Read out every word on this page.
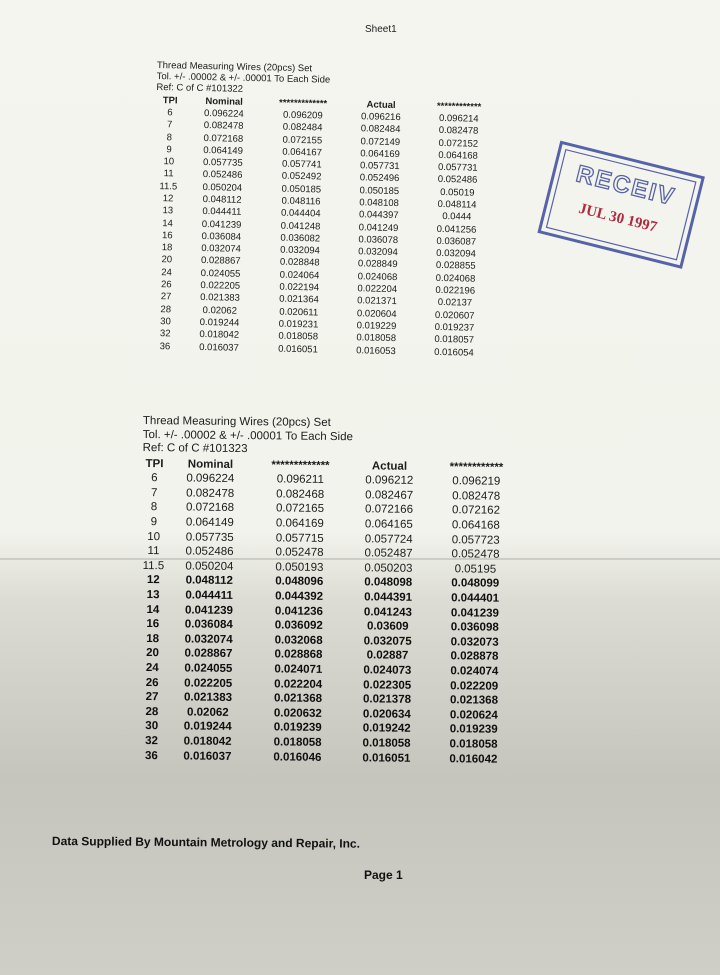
Sheet1
Thread Measuring Wires (20pcs) Set
Tol. +/- .00002 & +/- .00001 To Each Side
Ref: C of C #101322
TPI	Nominal	*************	Actual	************
6	0.096224	0.096209	0.096216	0.096214
7	0.082478	0.082484	0.082484	0.082478
8	0.072168	0.072155	0.072149	0.072152
9	0.064149	0.064167	0.064169	0.064168
10	0.057735	0.057741	0.057731	0.057731
11	0.052486	0.052492	0.052496	0.052486
11.5	0.050204	0.050185	0.050185	0.05019
12	0.048112	0.048116	0.048108	0.048114
13	0.044411	0.044404	0.044397	0.0444
14	0.041239	0.041248	0.041249	0.041256
16	0.036084	0.036082	0.036078	0.036087
18	0.032074	0.032094	0.032094	0.032094
20	0.028867	0.028848	0.028849	0.028855
24	0.024055	0.024064	0.024068	0.024068
26	0.022205	0.022194	0.022204	0.022196
27	0.021383	0.021364	0.021371	0.02137
28	0.02062	0.020611	0.020604	0.020607
30	0.019244	0.019231	0.019229	0.019237
32	0.018042	0.018058	0.018058	0.018057
36	0.016037	0.016051	0.016053	0.016054
Thread Measuring Wires (20pcs) Set
Tol. +/- .00002 & +/- .00001 To Each Side
Ref: C of C #101323
TPI	Nominal	*************	Actual	************
6	0.096224	0.096211	0.096212	0.096219
7	0.082478	0.082468	0.082467	0.082478
8	0.072168	0.072165	0.072166	0.072162
9	0.064149	0.064169	0.064165	0.064168
10	0.057735	0.057715	0.057724	0.057723
11	0.052486	0.052478	0.052487	0.052478
11.5	0.050204	0.050193	0.050203	0.05195
12	0.048112	0.048096	0.048098	0.048099
13	0.044411	0.044392	0.044391	0.044401
14	0.041239	0.041236	0.041243	0.041239
16	0.036084	0.036092	0.03609	0.036098
18	0.032074	0.032068	0.032075	0.032073
20	0.028867	0.028868	0.02887	0.028878
24	0.024055	0.024071	0.024073	0.024074
26	0.022205	0.022204	0.022305	0.022209
27	0.021383	0.021368	0.021378	0.021368
28	0.02062	0.020632	0.020634	0.020624
30	0.019244	0.019239	0.019242	0.019239
32	0.018042	0.018058	0.018058	0.018058
36	0.016037	0.016046	0.016051	0.016042
Data Supplied By Mountain Metrology and Repair, Inc.
Page 1
RECEIV
JUL 30 1997
